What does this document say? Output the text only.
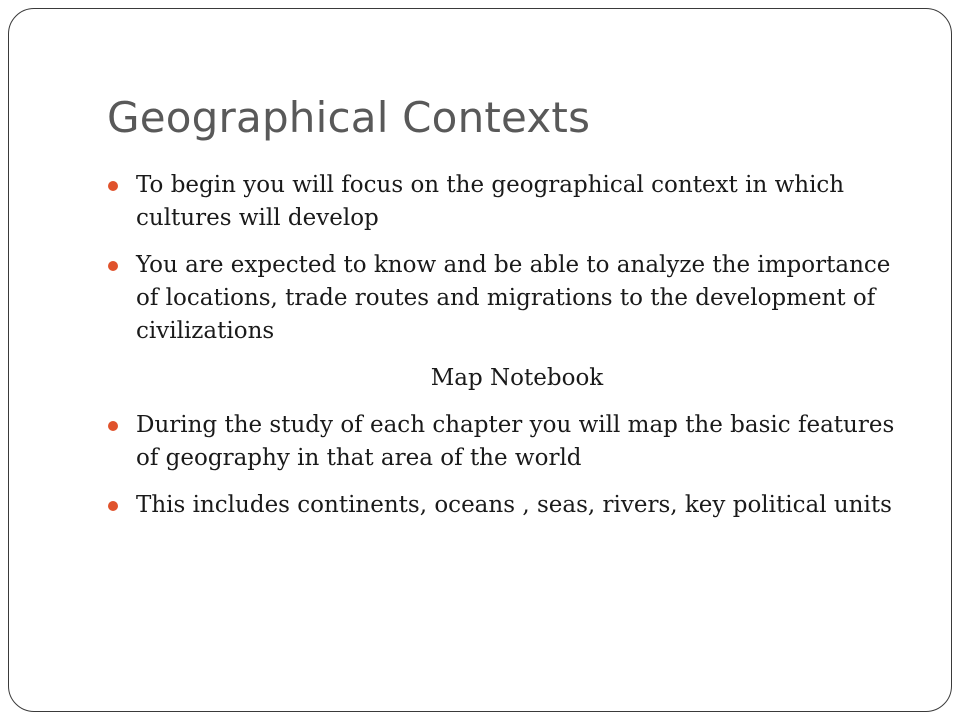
Geographical Contexts
To begin you will focus on the geographical context in which cultures will develop
You are expected to know and be able to analyze the importance of locations, trade routes and migrations to the development of civilizations
Map Notebook
During the study of each chapter you will map the basic features of geography in that area of the world
This includes continents, oceans , seas, rivers, key political units
